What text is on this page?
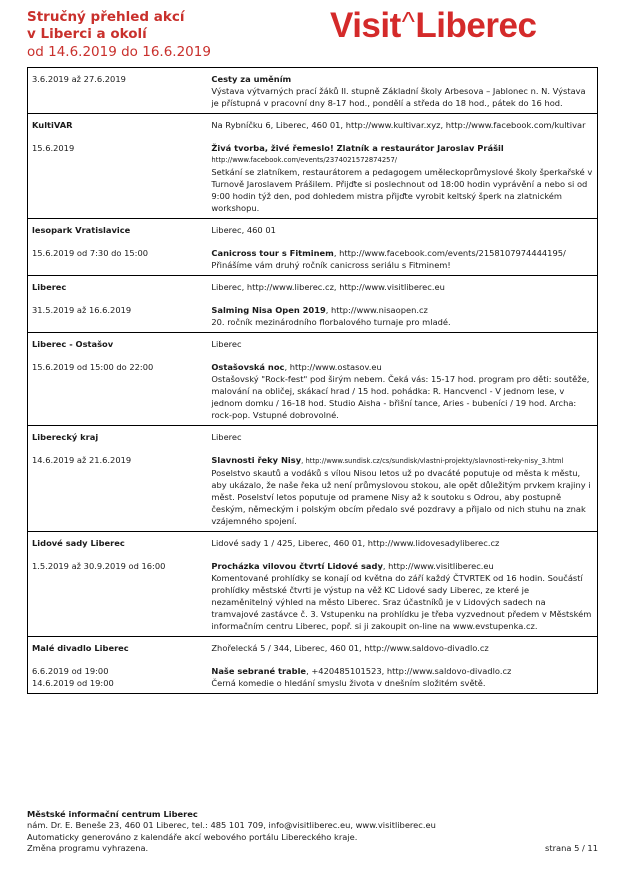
Stručný přehled akcí
v Liberci a okolí
od 14.6.2019 do 16.6.2019
Visit^Liberec
3.6.2019 až 27.6.2019	Cesty za uměním
Výstava výtvarných prací žáků II. stupně Základní školy Arbesova – Jablonec n. N. Výstava je přístupná v pracovní dny 8-17 hod., pondělí a středa do 18 hod., pátek do 16 hod.
KultiVAR
15.6.2019
Na Rybníčku 6, Liberec, 460 01, http://www.kultivar.xyz, http://www.facebook.com/kultivar
Živá tvorba, živé řemeslo! Zlatník a restaurátor Jaroslav Prášil
http://www.facebook.com/events/2374021572874257/
Setkání se zlatníkem, restaurátorem a pedagogem uměleckoprůmyslové školy šperkařské v Turnově Jaroslavem Prášilem. Přijďte si poslechnout od 18:00 hodin vyprávění a nebo si od 9:00 hodin týž den, pod dohledem mistra přijďte vyrobit keltský šperk na zlatnickém workshopu.
lesopark Vratislavice
15.6.2019 od 7:30 do 15:00
Liberec, 460 01
Canicross tour s Fitminem, http://www.facebook.com/events/2158107974444195/
Přinášíme vám druhý ročník canicross seriálu s Fitminem!
Liberec
31.5.2019 až 16.6.2019
Liberec, http://www.liberec.cz, http://www.visitliberec.eu
Salming Nisa Open 2019, http://www.nisaopen.cz
20. ročník mezinárodního florbalového turnaje pro mladé.
Liberec - Ostašov
15.6.2019 od 15:00 do 22:00
Liberec
Ostašovská noc, http://www.ostasov.eu
Ostašovský "Rock-fest" pod širým nebem. Čeká vás: 15-17 hod. program pro děti: soutěže, malování na obličej, skákací hrad / 15 hod. pohádka: R. Hancvencl - V jednom lese, v jednom domku / 16-18 hod. Studio Aisha - břišní tance, Aries - bubeníci / 19 hod. Archa: rock-pop. Vstupné dobrovolné.
Liberecký kraj
14.6.2019 až 21.6.2019
Liberec
Slavnosti řeky Nisy, http://www.sundisk.cz/cs/sundisk/vlastni-projekty/slavnosti-reky-nisy_3.html
Poselstvo skautů a vodáků s vílou Nisou letos už po dvacáté poputuje od města k městu, aby ukázalo, že naše řeka už není průmyslovou stokou, ale opět důležitým prvkem krajiny i měst. Poselství letos poputuje od pramene Nisy až k soutoku s Odrou, aby postupně českým, německým i polským obcím předalo své pozdravy a přijalo od nich stuhu na znak vzájemného spojení.
Lidové sady Liberec
1.5.2019 až 30.9.2019 od 16:00
Lidové sady 1 / 425, Liberec, 460 01, http://www.lidovesadyliberec.cz
Procházka vilovou čtvrtí Lidové sady, http://www.visitliberec.eu
Komentované prohlídky se konají od května do září každý ČTVRTEK od 16 hodin. Součástí prohlídky městské čtvrti je výstup na věž KC Lidové sady Liberec, ze které je nezaměnitelný výhled na město Liberec. Sraz účastníků je v Lidových sadech na tramvajové zastávce č. 3. Vstupenku na prohlídku je třeba vyzvednout předem v Městském informačním centru Liberec, popř. si ji zakoupit on-line na www.evstupenka.cz.
Malé divadlo Liberec
6.6.2019 od 19:00
14.6.2019 od 19:00
Zhořelecká 5 / 344, Liberec, 460 01, http://www.saldovo-divadlo.cz
Naše sebrané trable, +420485101523, http://www.saldovo-divadlo.cz
Černá komedie o hledání smyslu života v dnešním složitém světě.
Městské informační centrum Liberec
nám. Dr. E. Beneše 23, 460 01 Liberec, tel.: 485 101 709, info@visitliberec.eu, www.visitliberec.eu
Automaticky generováno z kalendáře akcí webového portálu Libereckého kraje.
Změna programu vyhrazena.	strana 5 / 11
